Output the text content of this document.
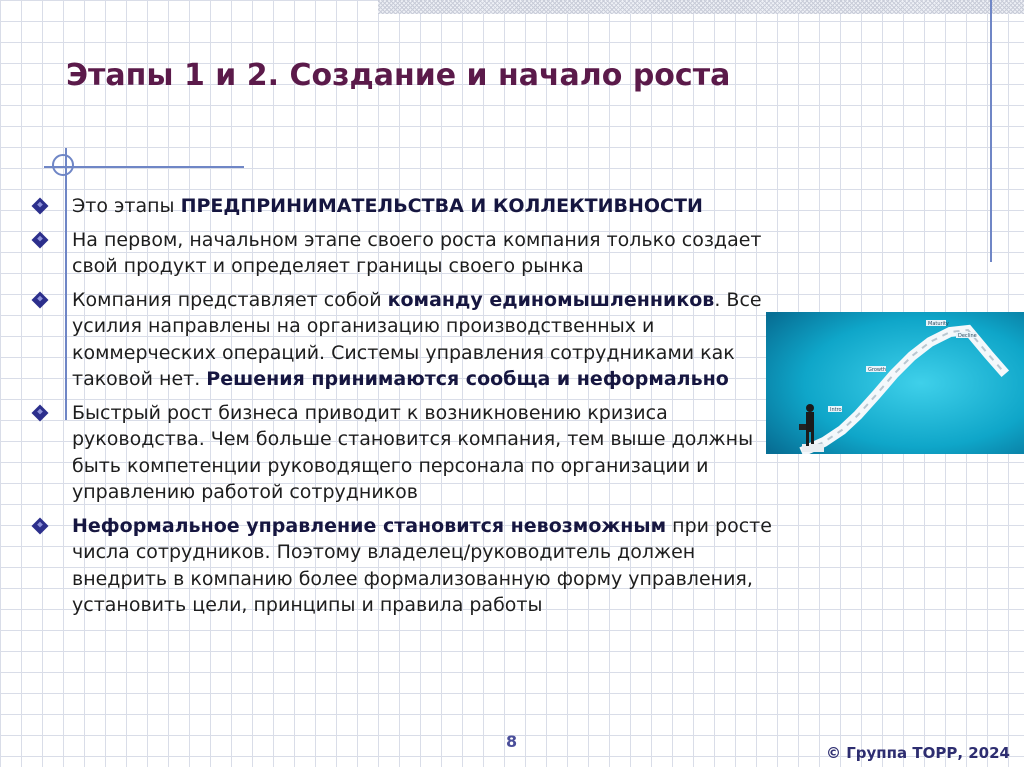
Этапы 1 и 2. Создание и начало роста
Это этапы ПРЕДПРИНИМАТЕЛЬСТВА И КОЛЛЕКТИВНОСТИ
На первом, начальном этапе своего роста компания только создает свой продукт и определяет границы своего рынка
Компания представляет собой команду единомышленников. Все усилия направлены на организацию производственных и коммерческих операций. Системы управления сотрудниками как таковой нет. Решения принимаются сообща и неформально
Быстрый рост бизнеса приводит к возникновению кризиса руководства. Чем больше становится компания, тем выше должны быть компетенции руководящего персонала по организации и управлению работой сотрудников
Неформальное управление становится невозможным при росте числа сотрудников. Поэтому владелец/руководитель должен внедрить в компанию более формализованную форму управления, установить цели, принципы и правила работы
Maturity
Decline
Growth
Intro
8
© Группа ТОРР, 2024
